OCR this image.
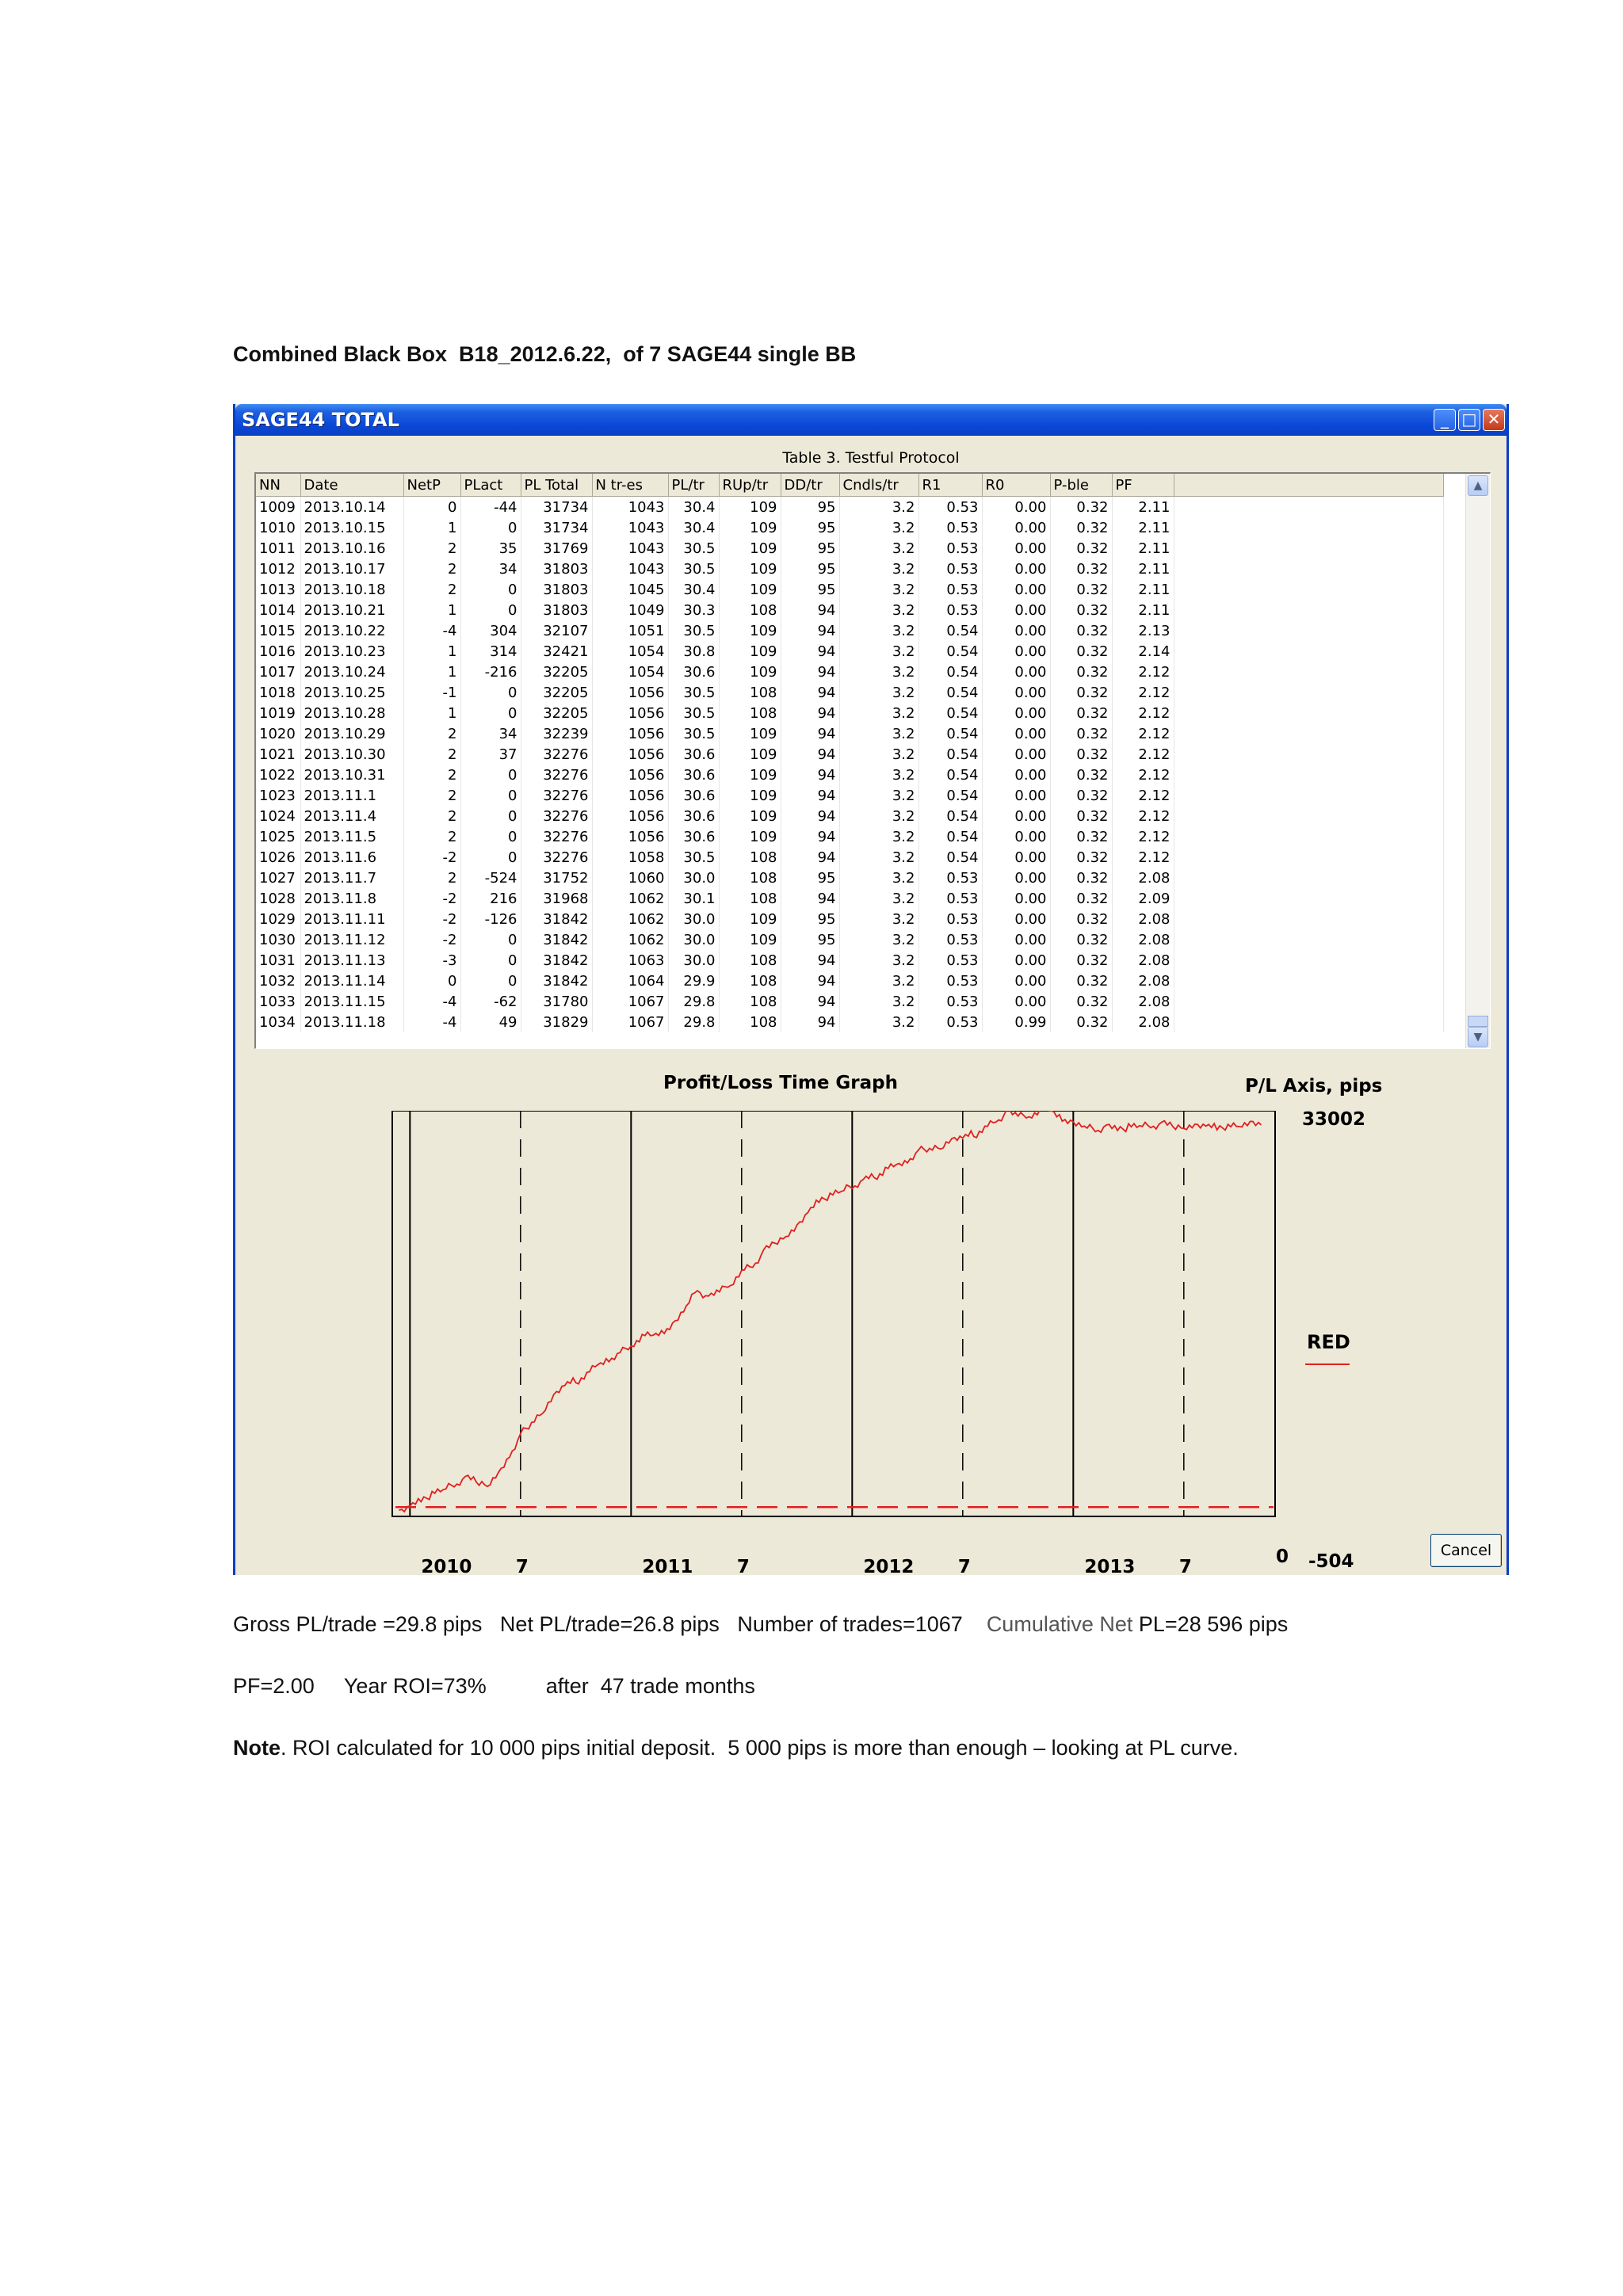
Combined Black Box  B18_2012.6.22,  of 7 SAGE44 single BB
SAGE44 TOTAL	_ □ ✕
Table 3. Testful Protocol
NN	Date	NetP	PLact	PL Total	N tr-es	PL/tr	RUp/tr	DD/tr	Cndls/tr	R1	R0	P-ble	PF	
1009	2013.10.14	0	-44	31734	1043	30.4	109	95	3.2	0.53	0.00	0.32	2.11	
1010	2013.10.15	1	0	31734	1043	30.4	109	95	3.2	0.53	0.00	0.32	2.11	
1011	2013.10.16	2	35	31769	1043	30.5	109	95	3.2	0.53	0.00	0.32	2.11	
1012	2013.10.17	2	34	31803	1043	30.5	109	95	3.2	0.53	0.00	0.32	2.11	
1013	2013.10.18	2	0	31803	1045	30.4	109	95	3.2	0.53	0.00	0.32	2.11	
1014	2013.10.21	1	0	31803	1049	30.3	108	94	3.2	0.53	0.00	0.32	2.11	
1015	2013.10.22	-4	304	32107	1051	30.5	109	94	3.2	0.54	0.00	0.32	2.13	
1016	2013.10.23	1	314	32421	1054	30.8	109	94	3.2	0.54	0.00	0.32	2.14	
1017	2013.10.24	1	-216	32205	1054	30.6	109	94	3.2	0.54	0.00	0.32	2.12	
1018	2013.10.25	-1	0	32205	1056	30.5	108	94	3.2	0.54	0.00	0.32	2.12	
1019	2013.10.28	1	0	32205	1056	30.5	108	94	3.2	0.54	0.00	0.32	2.12	
1020	2013.10.29	2	34	32239	1056	30.5	109	94	3.2	0.54	0.00	0.32	2.12	
1021	2013.10.30	2	37	32276	1056	30.6	109	94	3.2	0.54	0.00	0.32	2.12	
1022	2013.10.31	2	0	32276	1056	30.6	109	94	3.2	0.54	0.00	0.32	2.12	
1023	2013.11.1	2	0	32276	1056	30.6	109	94	3.2	0.54	0.00	0.32	2.12	
1024	2013.11.4	2	0	32276	1056	30.6	109	94	3.2	0.54	0.00	0.32	2.12	
1025	2013.11.5	2	0	32276	1056	30.6	109	94	3.2	0.54	0.00	0.32	2.12	
1026	2013.11.6	-2	0	32276	1058	30.5	108	94	3.2	0.54	0.00	0.32	2.12	
1027	2013.11.7	2	-524	31752	1060	30.0	108	95	3.2	0.53	0.00	0.32	2.08	
1028	2013.11.8	-2	216	31968	1062	30.1	108	94	3.2	0.53	0.00	0.32	2.09	
1029	2013.11.11	-2	-126	31842	1062	30.0	109	95	3.2	0.53	0.00	0.32	2.08	
1030	2013.11.12	-2	0	31842	1062	30.0	109	95	3.2	0.53	0.00	0.32	2.08	
1031	2013.11.13	-3	0	31842	1063	30.0	108	94	3.2	0.53	0.00	0.32	2.08	
1032	2013.11.14	0	0	31842	1064	29.9	108	94	3.2	0.53	0.00	0.32	2.08	
1033	2013.11.15	-4	-62	31780	1067	29.8	108	94	3.2	0.53	0.00	0.32	2.08	
1034	2013.11.18	-4	49	31829	1067	29.8	108	94	3.2	0.53	0.99	0.32	2.08	
▲
▼
Profit/Loss Time Graph	P/L Axis, pips
33002
0 -504
RED
2010 7	2011 7	2012 7	2013 7
Cancel
Gross PL/trade =29.8 pips   Net PL/trade=26.8 pips   Number of trades=1067    Cumulative Net PL=28 596 pips
PF=2.00     Year ROI=73%          after  47 trade months
Note. ROI calculated for 10 000 pips initial deposit.  5 000 pips is more than enough – looking at PL curve.
